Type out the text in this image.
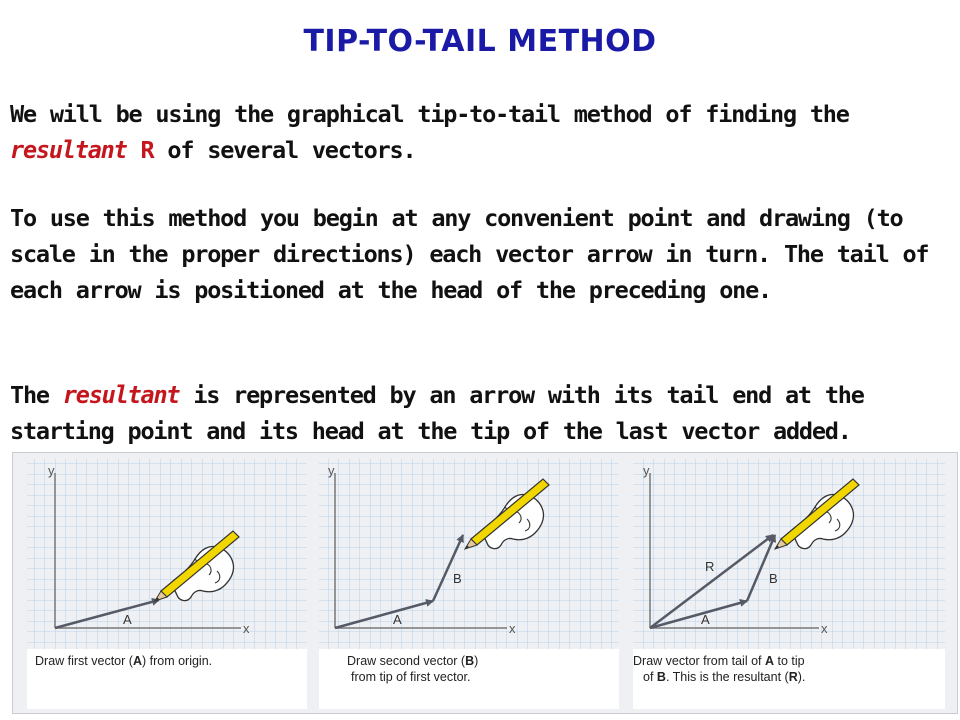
TIP-TO-TAIL METHOD
We will be using the graphical tip-to-tail method of finding the
resultant R of several vectors.
To use this method you begin at any convenient point and drawing (to scale in the proper directions) each vector arrow in turn. The tail of each arrow is positioned at the head of the preceding one.
The resultant is represented by an arrow with its tail end at the starting point and its head at the tip of the last vector added.
y
x
A
Draw first vector (A) from origin.
y
x
A
B
Draw second vector (B)
from tip of first vector.
y
x
A
B
R
Draw vector from tail of A to tip
of B. This is the resultant (R).
